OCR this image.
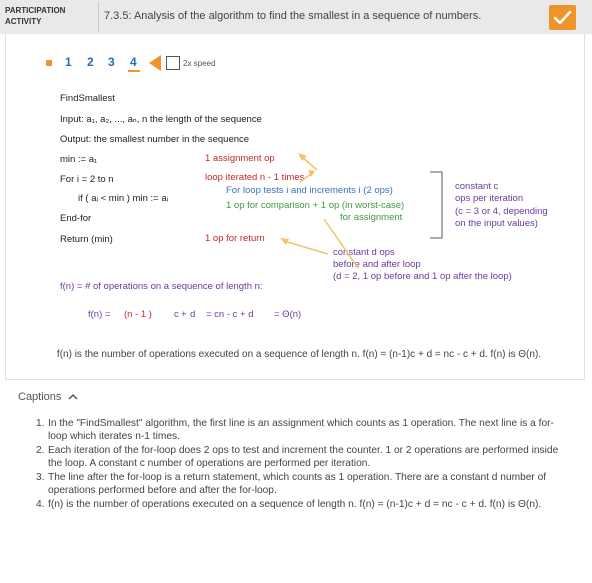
PARTICIPATION ACTIVITY	7.3.5: Analysis of the algorithm to find the smallest in a sequence of numbers.
1 2 3 4	2x speed
FindSmallest
Input: a₁, a₂, ..., aₙ, n the length of the sequence
Output: the smallest number in the sequence
min := a₁
For i = 2 to n
if ( aᵢ < min ) min := aᵢ
End-for
Return (min)
1 assignment op
loop iterated n - 1 times
For loop tests i and increments i (2 ops)
1 op for comparison + 1 op (in worst-case)
for assignment
constant c
ops per iteration
(c = 3 or 4, depending
on the input values)
1 op for return
constant d ops
before and after loop
(d = 2, 1 op before and 1 op after the loop)
f(n) = # of operations on a sequence of length n:
f(n) = (n - 1 ) c + d = cn - c + d = Θ(n)
f(n) is the number of operations executed on a sequence of length n. f(n) = (n-1)c + d = nc - c + d. f(n) is Θ(n).
Captions
1. In the "FindSmallest" algorithm, the first line is an assignment which counts as 1 operation. The next line is a for-loop which iterates n-1 times.
2. Each iteration of the for-loop does 2 ops to test and increment the counter. 1 or 2 operations are performed inside the loop. A constant c number of operations are performed per iteration.
3. The line after the for-loop is a return statement, which counts as 1 operation. There are a constant d number of operations performed before and after the for-loop.
4. f(n) is the number of operations executed on a sequence of length n. f(n) = (n-1)c + d = nc - c + d. f(n) is Θ(n).
